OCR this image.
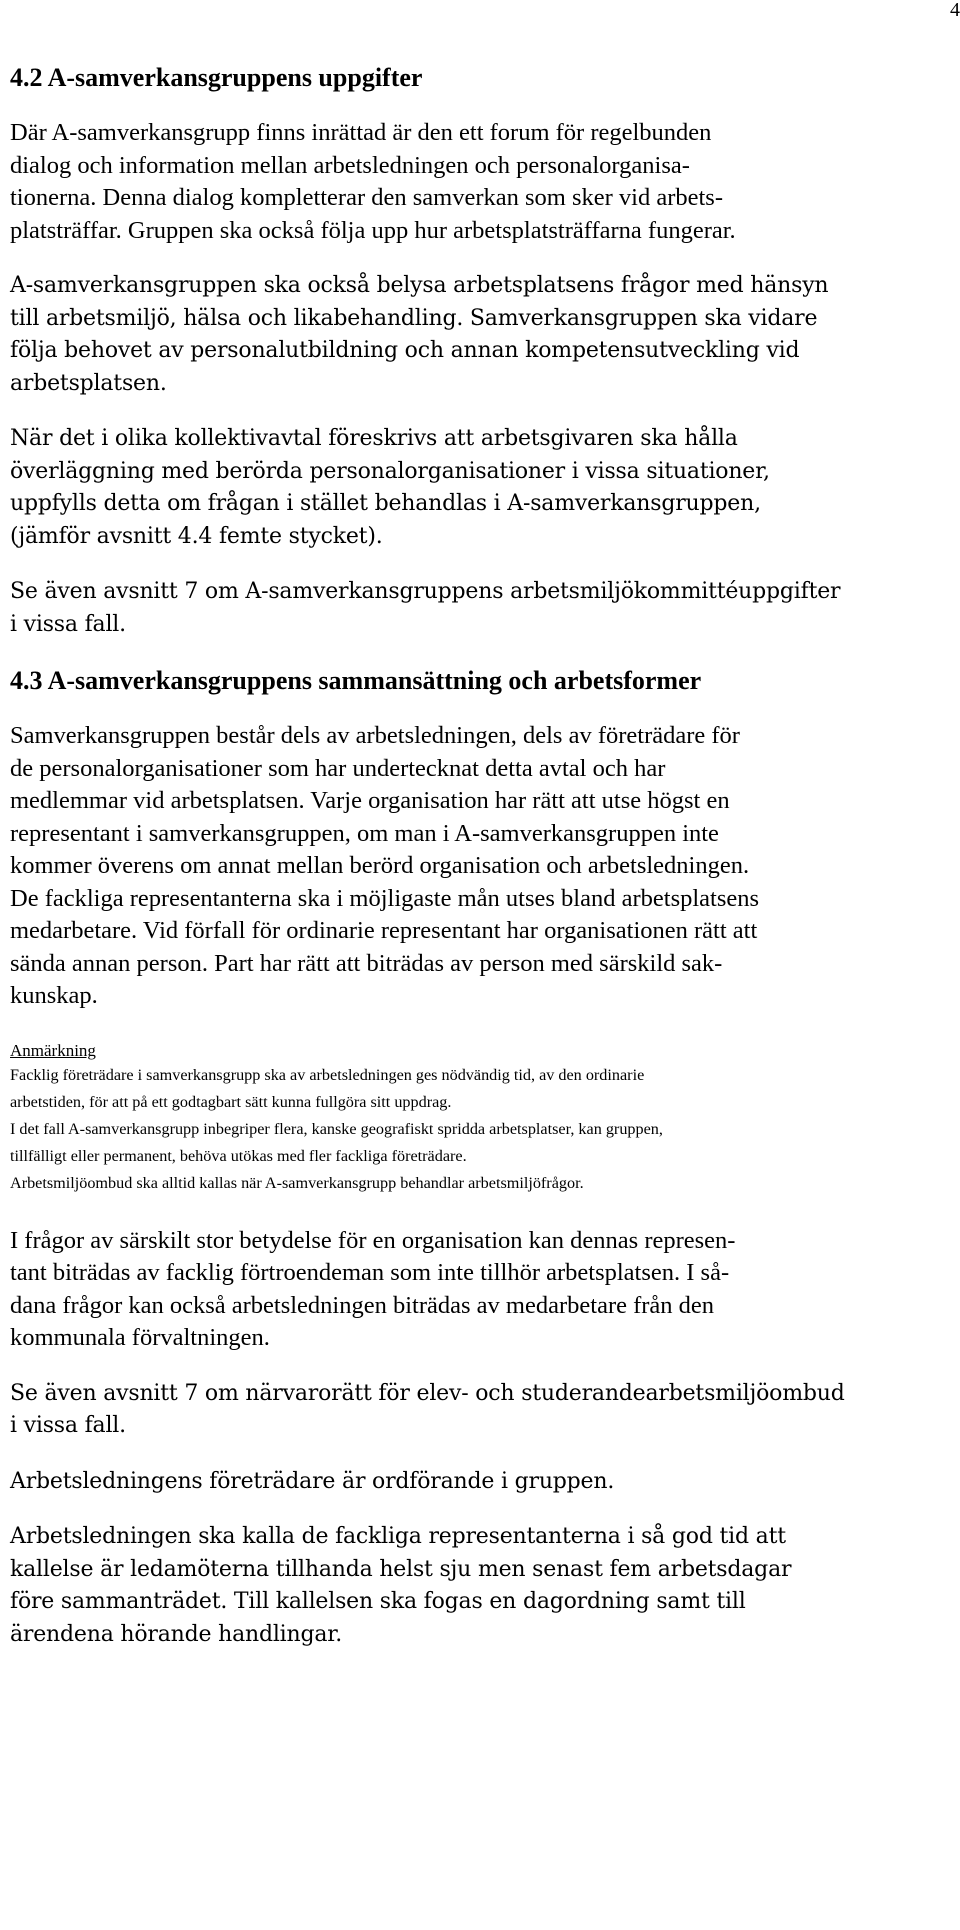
4
4.2 A-samverkansgruppens uppgifter

Där A-samverkansgrupp finns inrättad är den ett forum för regelbunden
dialog och information mellan arbetsledningen och personalorganisa-
tionerna. Denna dialog kompletterar den samverkan som sker vid arbets-
platsträffar. Gruppen ska också följa upp hur arbetsplatsträffarna fungerar.

A-samverkansgruppen ska också belysa arbetsplatsens frågor med hänsyn
till arbetsmiljö, hälsa och likabehandling. Samverkansgruppen ska vidare
följa behovet av personalutbildning och annan kompetensutveckling vid
arbetsplatsen.

När det i olika kollektivavtal föreskrivs att arbetsgivaren ska hålla
överläggning med berörda personalorganisationer i vissa situationer,
uppfylls detta om frågan i stället behandlas i A-samverkansgruppen,
(jämför avsnitt 4.4 femte stycket).

Se även avsnitt 7 om A-samverkansgruppens arbetsmiljökommittéuppgifter
i vissa fall.

4.3 A-samverkansgruppens sammansättning och arbetsformer

Samverkansgruppen består dels av arbetsledningen, dels av företrädare för
de personalorganisationer som har undertecknat detta avtal och har
medlemmar vid arbetsplatsen. Varje organisation har rätt att utse högst en
representant i samverkansgruppen, om man i A-samverkansgruppen inte
kommer överens om annat mellan berörd organisation och arbetsledningen.
De fackliga representanterna ska i möjligaste mån utses bland arbetsplatsens
medarbetare. Vid förfall för ordinarie representant har organisationen rätt att
sända annan person. Part har rätt att biträdas av person med särskild sak-
kunskap.

Anmärkning

Facklig företrädare i samverkansgrupp ska av arbetsledningen ges nödvändig tid, av den ordinarie
arbetstiden, för att på ett godtagbart sätt kunna fullgöra sitt uppdrag.

I det fall A-samverkansgrupp inbegriper flera, kanske geografiskt spridda arbetsplatser, kan gruppen,
tillfälligt eller permanent, behöva utökas med fler fackliga företrädare.

Arbetsmiljöombud ska alltid kallas när A-samverkansgrupp behandlar arbetsmiljöfrågor.

I frågor av särskilt stor betydelse för en organisation kan dennas represen-
tant biträdas av facklig förtroendeman som inte tillhör arbetsplatsen. I så-
dana frågor kan också arbetsledningen biträdas av medarbetare från den
kommunala förvaltningen.

Se även avsnitt 7 om närvarorätt för elev- och studerandearbetsmiljöombud
i vissa fall.

Arbetsledningens företrädare är ordförande i gruppen.

Arbetsledningen ska kalla de fackliga representanterna i så god tid att
kallelse är ledamöterna tillhanda helst sju men senast fem arbetsdagar
före sammanträdet. Till kallelsen ska fogas en dagordning samt till
ärendena hörande handlingar.
